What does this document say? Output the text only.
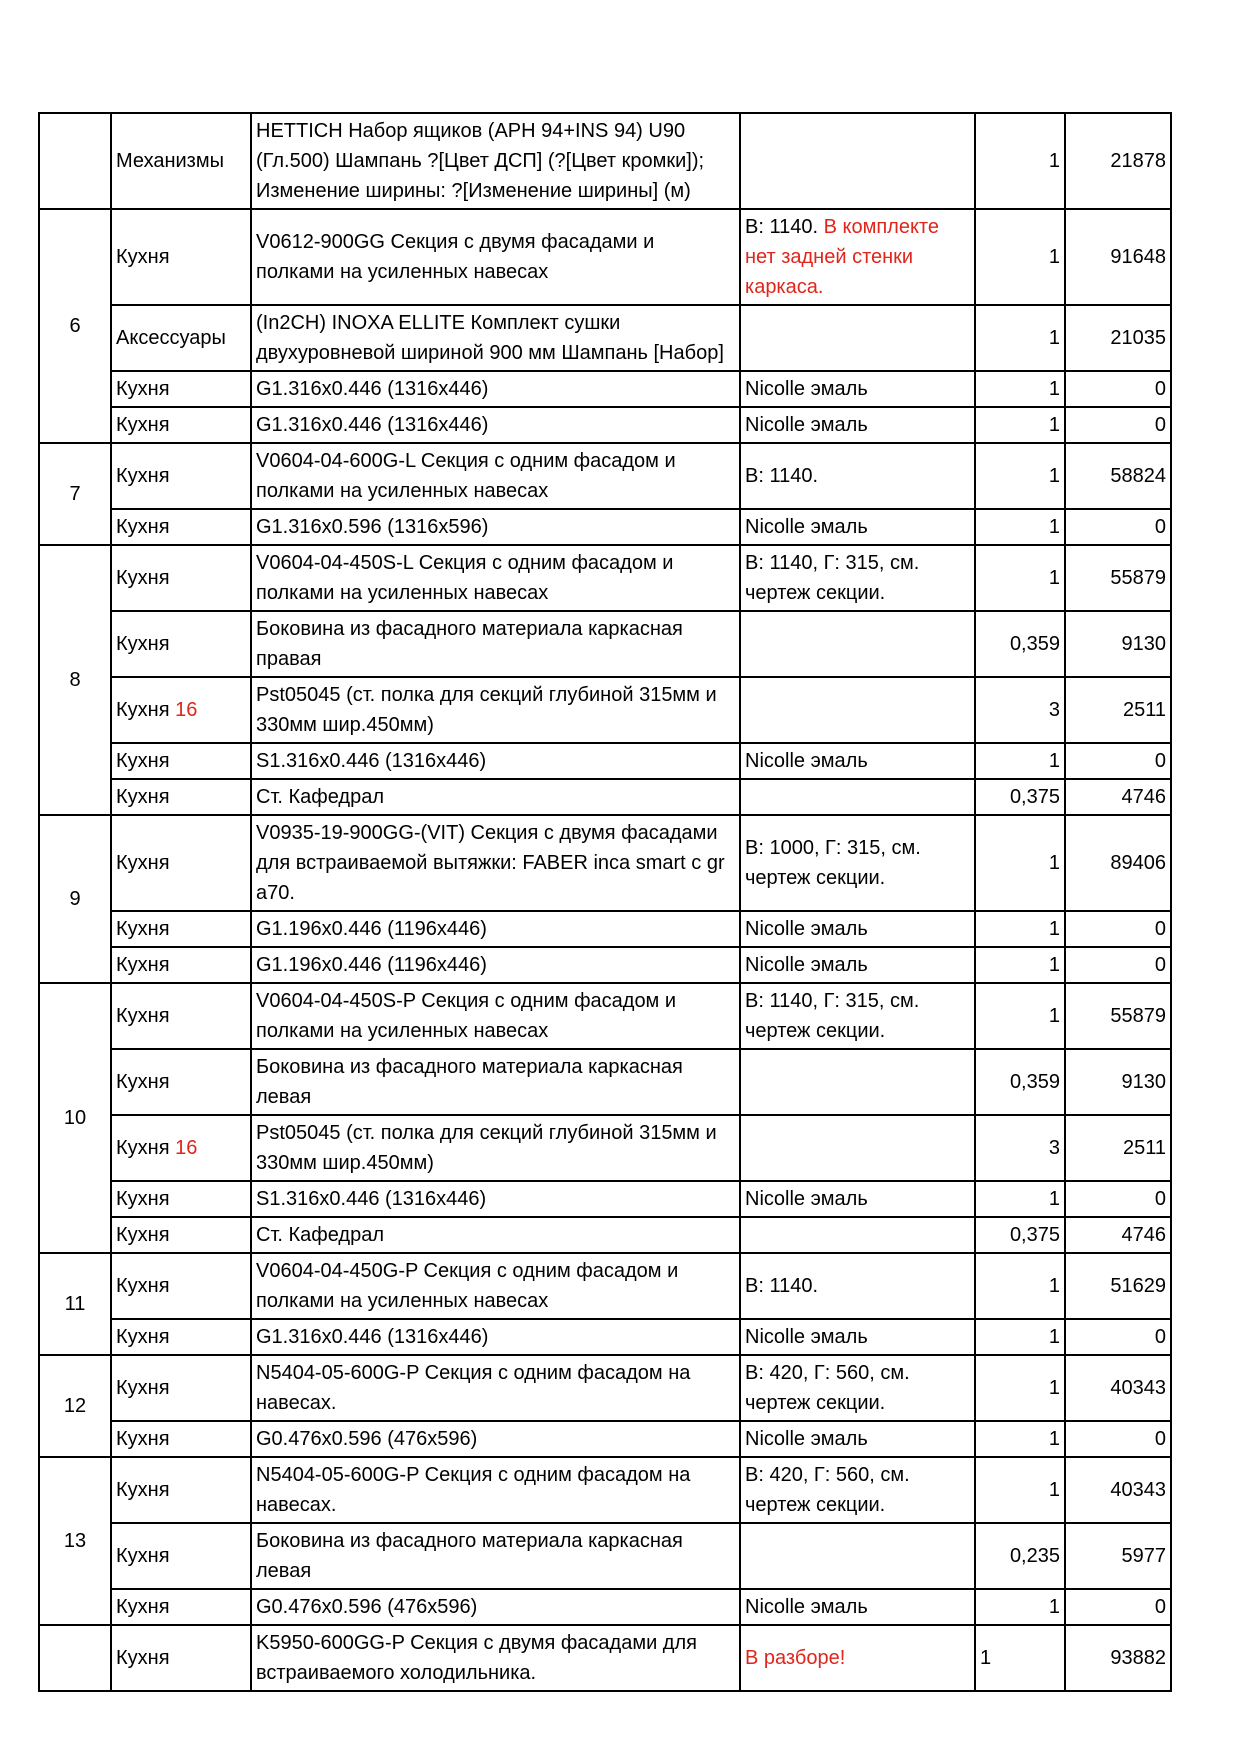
	Механизмы	HETTICH Набор ящиков (APH 94+INS 94) U90 (Гл.500) Шампань ?[Цвет ДСП] (?[Цвет кромки]); Изменение ширины: ?[Изменение ширины] (м)		1	21878
6	Кухня	V0612-900GG Секция с двумя фасадами и полками на усиленных навесах	В: 1140. В комплекте нет задней стенки каркаса.	1	91648
	Аксессуары	(In2CH) INOXA ELLITE Комплект сушки двухуровневой шириной 900 мм Шампань [Набор]		1	21035
	Кухня	G1.316x0.446 (1316x446)	Nicolle эмаль	1	0
	Кухня	G1.316x0.446 (1316x446)	Nicolle эмаль	1	0
7	Кухня	V0604-04-600G-L Секция с одним фасадом и полками на усиленных навесах	В: 1140.	1	58824
	Кухня	G1.316x0.596 (1316x596)	Nicolle эмаль	1	0
8	Кухня	V0604-04-450S-L Секция с одним фасадом и полками на усиленных навесах	В: 1140, Г: 315, см. чертеж секции.	1	55879
	Кухня	Боковина из фасадного материала каркасная правая		0,359	9130
	Кухня 16	Pst05045 (ст. полка для секций глубиной 315мм и 330мм шир.450мм)		3	2511
	Кухня	S1.316x0.446 (1316x446)	Nicolle эмаль	1	0
	Кухня	Ст. Кафедрал		0,375	4746
9	Кухня	V0935-19-900GG-(VIT) Секция с двумя фасадами для встраиваемой вытяжки: FABER inca smart c gr a70.	В: 1000, Г: 315, см. чертеж секции.	1	89406
	Кухня	G1.196x0.446 (1196x446)	Nicolle эмаль	1	0
	Кухня	G1.196x0.446 (1196x446)	Nicolle эмаль	1	0
10	Кухня	V0604-04-450S-P Секция с одним фасадом и полками на усиленных навесах	В: 1140, Г: 315, см. чертеж секции.	1	55879
	Кухня	Боковина из фасадного материала каркасная левая		0,359	9130
	Кухня 16	Pst05045 (ст. полка для секций глубиной 315мм и 330мм шир.450мм)		3	2511
	Кухня	S1.316x0.446 (1316x446)	Nicolle эмаль	1	0
	Кухня	Ст. Кафедрал		0,375	4746
11	Кухня	V0604-04-450G-P Секция с одним фасадом и полками на усиленных навесах	В: 1140.	1	51629
	Кухня	G1.316x0.446 (1316x446)	Nicolle эмаль	1	0
12	Кухня	N5404-05-600G-P Секция с одним фасадом на навесах.	В: 420, Г: 560, см. чертеж секции.	1	40343
	Кухня	G0.476x0.596 (476x596)	Nicolle эмаль	1	0
13	Кухня	N5404-05-600G-P Секция с одним фасадом на навесах.	В: 420, Г: 560, см. чертеж секции.	1	40343
	Кухня	Боковина из фасадного материала каркасная левая		0,235	5977
	Кухня	G0.476x0.596 (476x596)	Nicolle эмаль	1	0
	Кухня	K5950-600GG-P Секция с двумя фасадами для встраиваемого холодильника.	В разборе!	1	93882
